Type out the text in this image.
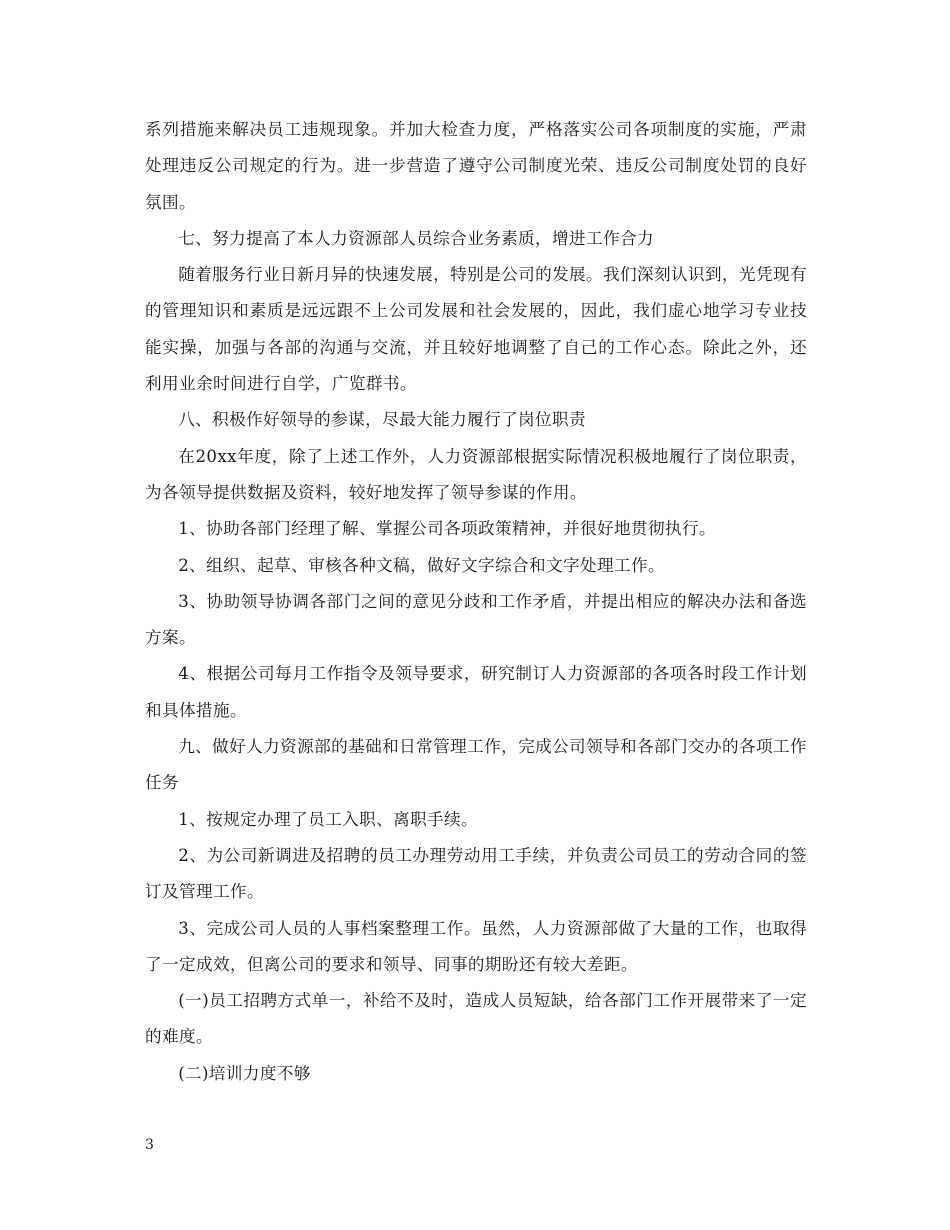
系列措施来解决员工违规现象。并加大检查力度，严格落实公司各项制度的实施，严肃处理违反公司规定的行为。进一步营造了遵守公司制度光荣、违反公司制度处罚的良好氛围。

七、努力提高了本人力资源部人员综合业务素质，增进工作合力

随着服务行业日新月异的快速发展，特别是公司的发展。我们深刻认识到，光凭现有的管理知识和素质是远远跟不上公司发展和社会发展的，因此，我们虚心地学习专业技能实操，加强与各部的沟通与交流，并且较好地调整了自己的工作心态。除此之外，还利用业余时间进行自学，广览群书。

八、积极作好领导的参谋，尽最大能力履行了岗位职责

在20xx年度，除了上述工作外，人力资源部根据实际情况积极地履行了岗位职责，为各领导提供数据及资料，较好地发挥了领导参谋的作用。

1、协助各部门经理了解、掌握公司各项政策精神，并很好地贯彻执行。

2、组织、起草、审核各种文稿，做好文字综合和文字处理工作。

3、协助领导协调各部门之间的意见分歧和工作矛盾，并提出相应的解决办法和备选方案。

4、根据公司每月工作指令及领导要求，研究制订人力资源部的各项各时段工作计划和具体措施。

九、做好人力资源部的基础和日常管理工作，完成公司领导和各部门交办的各项工作任务

1、按规定办理了员工入职、离职手续。

2、为公司新调进及招聘的员工办理劳动用工手续，并负责公司员工的劳动合同的签订及管理工作。

3、完成公司人员的人事档案整理工作。虽然，人力资源部做了大量的工作，也取得了一定成效，但离公司的要求和领导、同事的期盼还有较大差距。

(一)员工招聘方式单一，补给不及时，造成人员短缺，给各部门工作开展带来了一定的难度。

(二)培训力度不够

3
